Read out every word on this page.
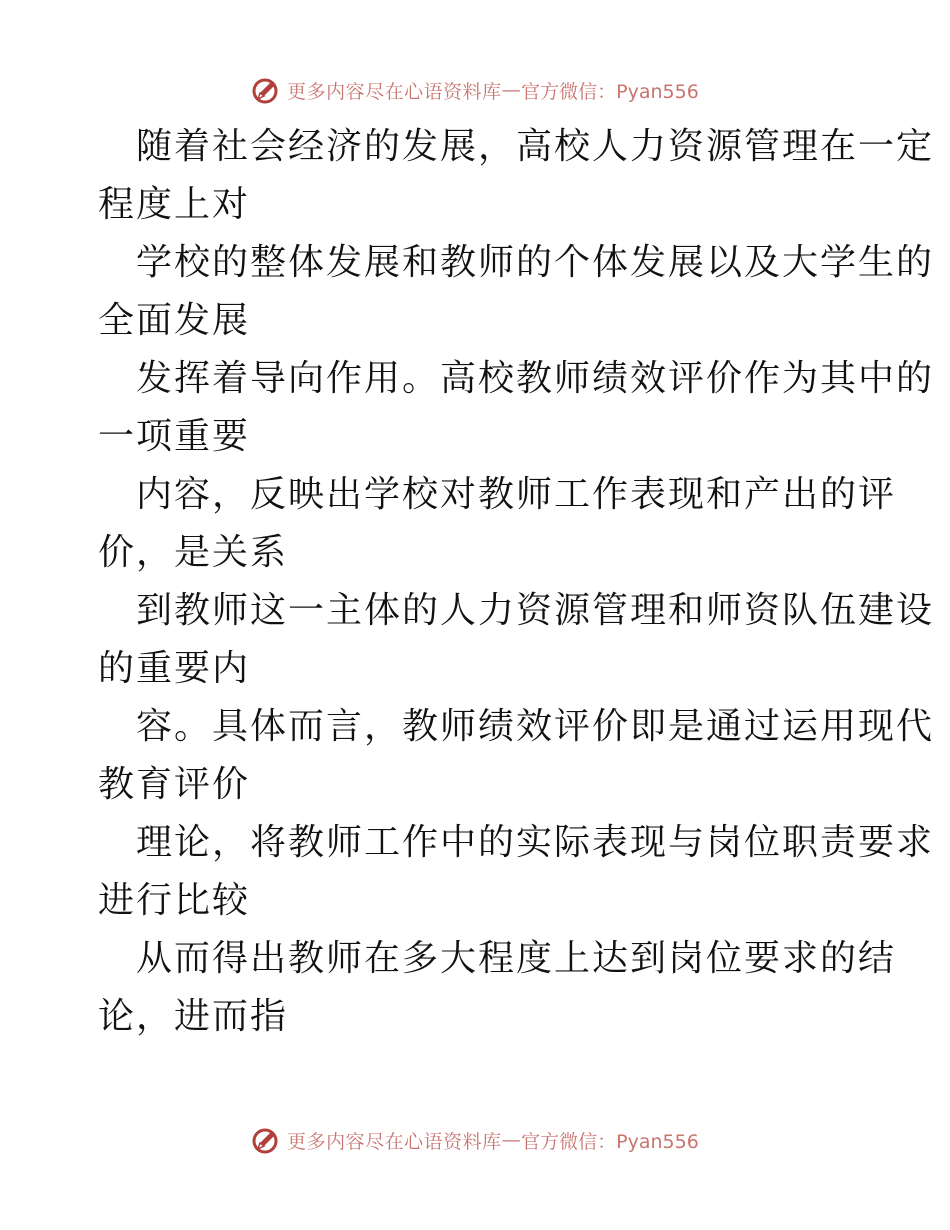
更多内容尽在心语资料库 — 官方微信：Pyan556
随着社会经济的发展，高校人力资源管理在一定
程度上对
学校的整体发展和教师的个体发展以及大学生的
全面发展
发挥着导向作用。高校教师绩效评价作为其中的
一项重要
内容，反映出学校对教师工作表现和产出的评
价，是关系
到教师这一主体的人力资源管理和师资队伍建设
的重要内
容。具体而言，教师绩效评价即是通过运用现代
教育评价
理论，将教师工作中的实际表现与岗位职责要求
进行比较
从而得出教师在多大程度上达到岗位要求的结
论，进而指
更多内容尽在心语资料库 — 官方微信：Pyan556
